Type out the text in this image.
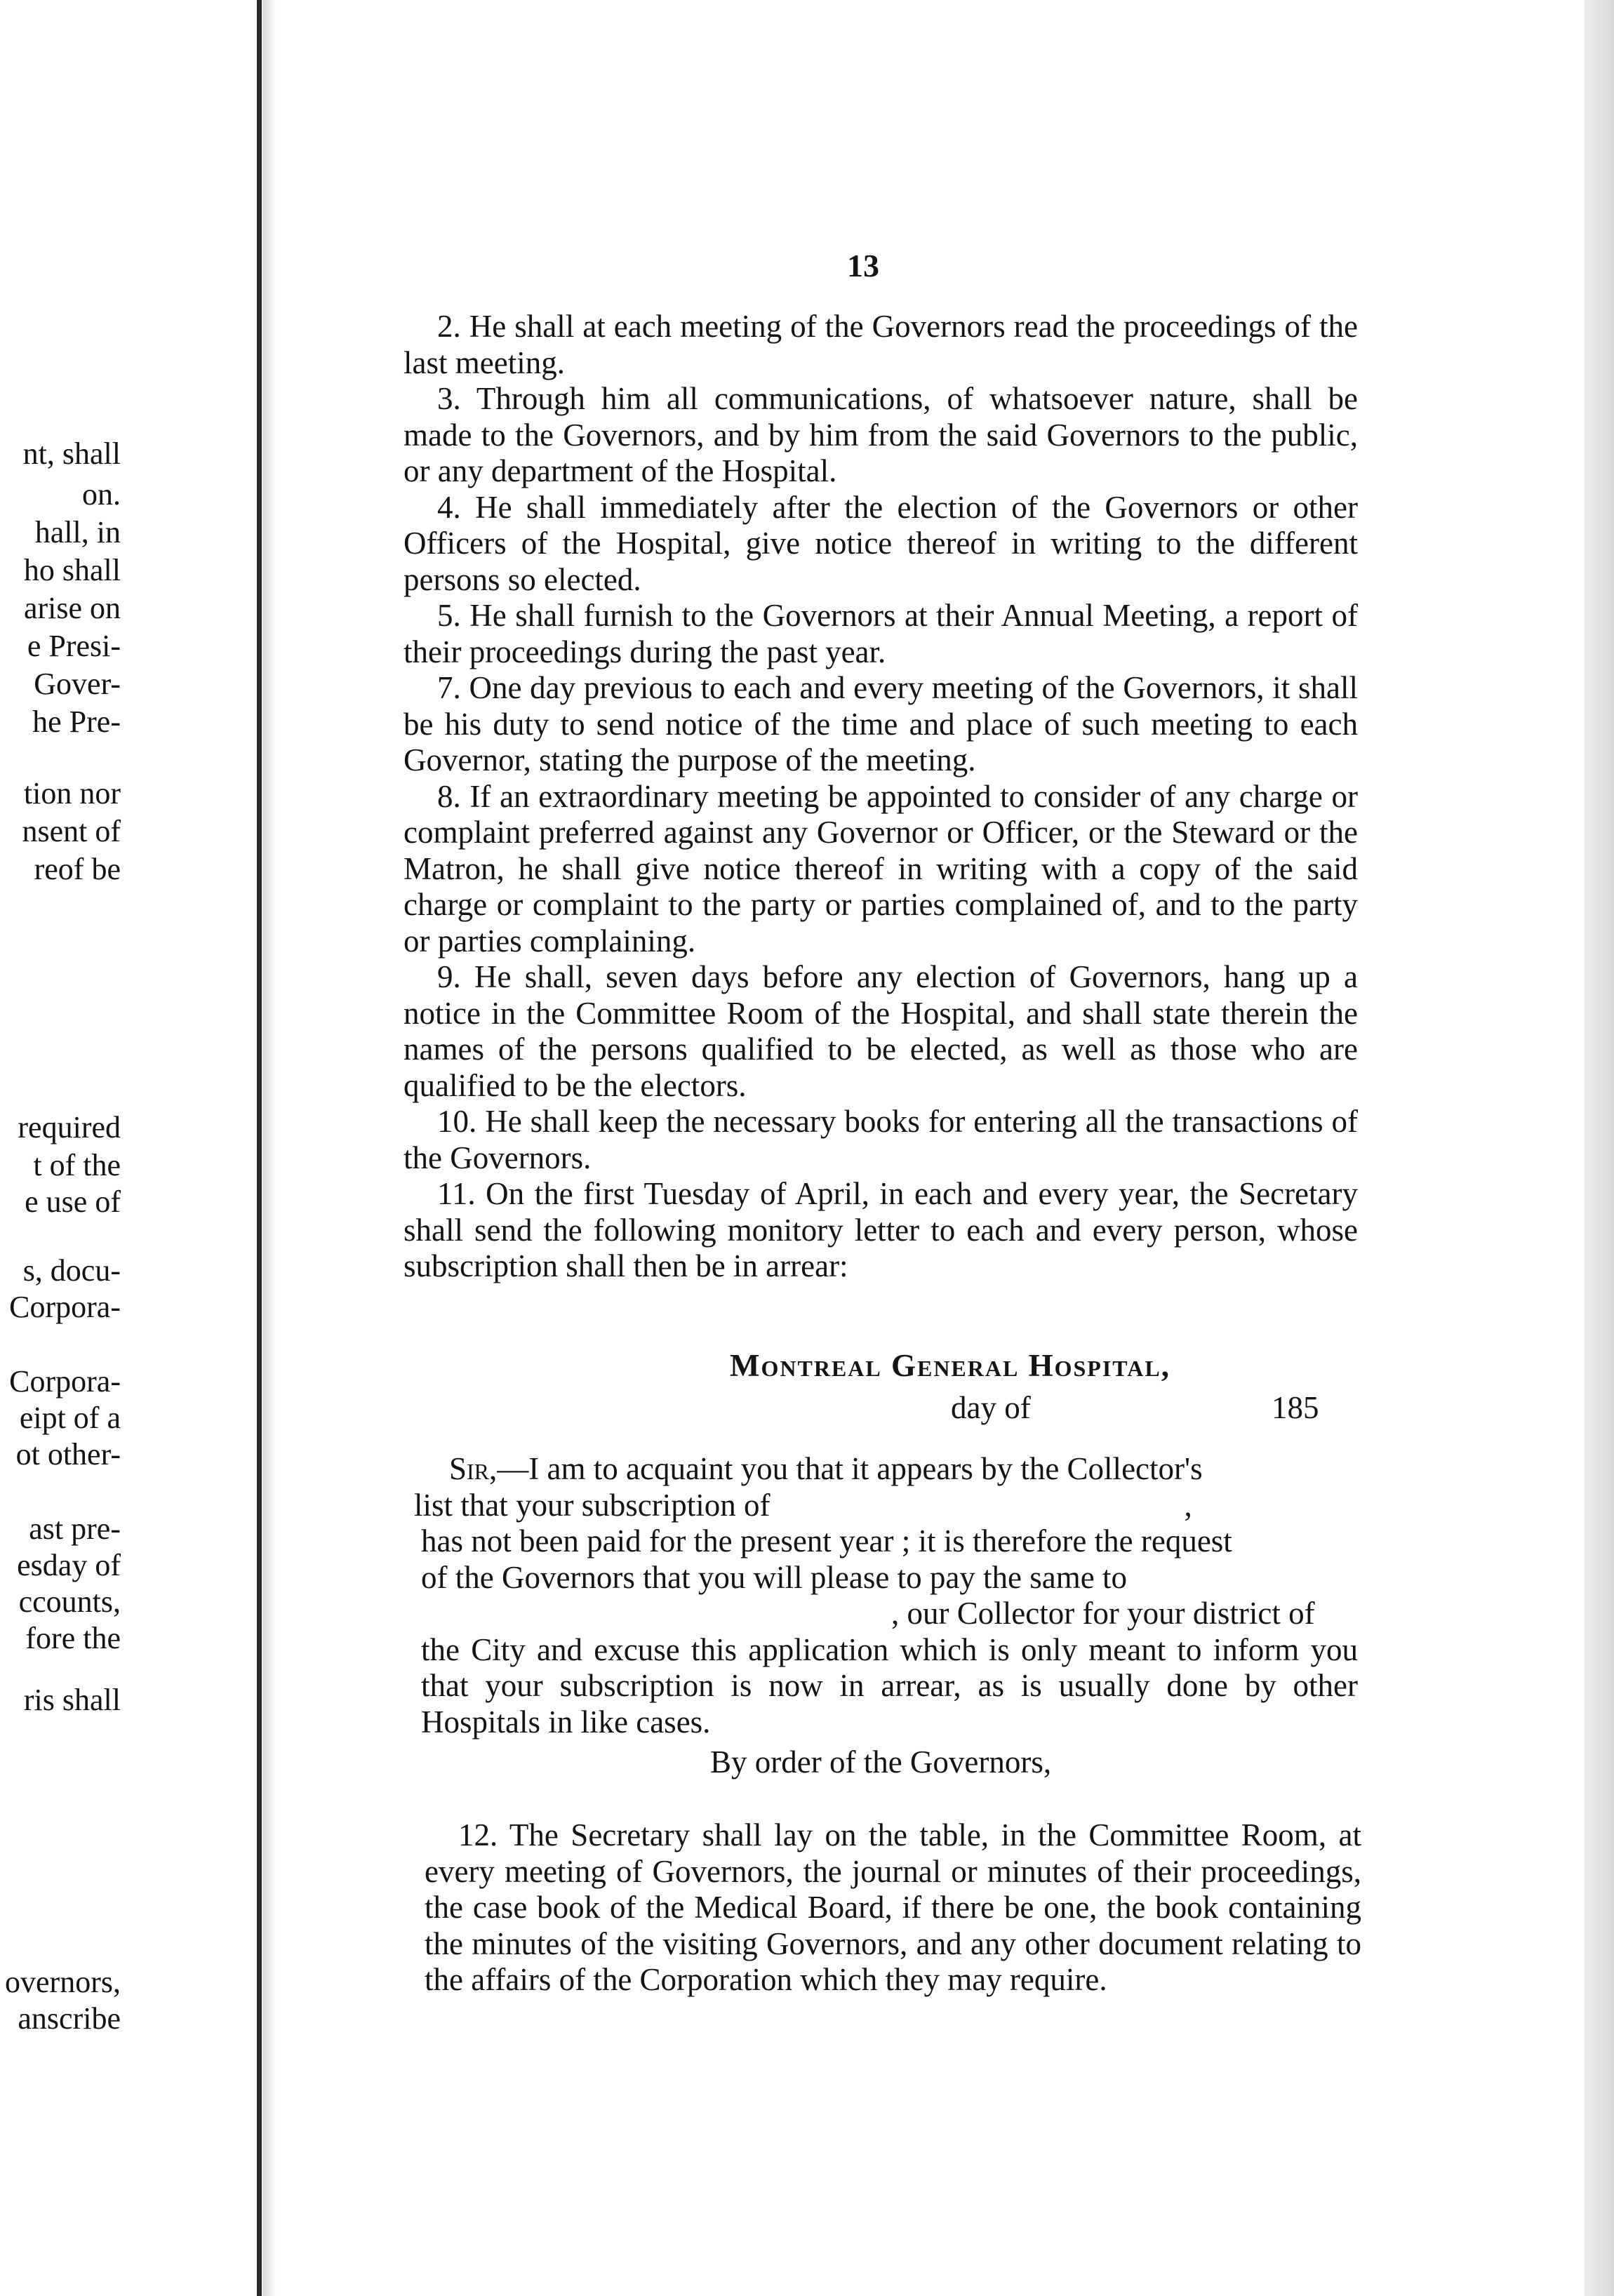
nt, shall
on.
hall, in
ho shall
arise on
e Presi-
Gover-
he Pre-
tion nor
nsent of
reof be
required
t of the
e use of
s, docu-
Corpora-
Corpora-
eipt of a
ot other-
ast pre-
esday of
ccounts,
fore the
ris shall
overnors,
anscribe
13

2. He shall at each meeting of the Governors read the proceedings of the last meeting.

3. Through him all communications, of whatsoever nature, shall be made to the Governors, and by him from the said Governors to the public, or any department of the Hospital.

4. He shall immediately after the election of the Governors or other Officers of the Hospital, give notice thereof in writing to the different persons so elected.

5. He shall furnish to the Governors at their Annual Meeting, a report of their proceedings during the past year.

7. One day previous to each and every meeting of the Governors, it shall be his duty to send notice of the time and place of such meeting to each Governor, stating the purpose of the meeting.

8. If an extraordinary meeting be appointed to consider of any charge or complaint preferred against any Governor or Officer, or the Steward or the Matron, he shall give notice thereof in writing with a copy of the said charge or complaint to the party or parties complained of, and to the party or parties complaining.

9. He shall, seven days before any election of Governors, hang up a notice in the Committee Room of the Hospital, and shall state therein the names of the persons qualified to be elected, as well as those who are qualified to be the electors.

10. He shall keep the necessary books for entering all the transactions of the Governors.

11. On the first Tuesday of April, in each and every year, the Secretary shall send the following monitory letter to each and every person, whose subscription shall then be in arrear:

Montreal General Hospital,
day of	185
Sir,—I am to acquaint you that it appears by the Collector's
list that your subscription of	,
has not been paid for the present year ; it is therefore the request
of the Governors that you will please to pay the same to
, our Collector for your district of
the City and excuse this application which is only meant to inform you that your subscription is now in arrear, as is usually done by other Hospitals in like cases.
By order of the Governors,

12. The Secretary shall lay on the table, in the Committee Room, at every meeting of Governors, the journal or minutes of their proceedings, the case book of the Medical Board, if there be one, the book containing the minutes of the visiting Governors, and any other document relating to the affairs of the Corporation which they may require.
